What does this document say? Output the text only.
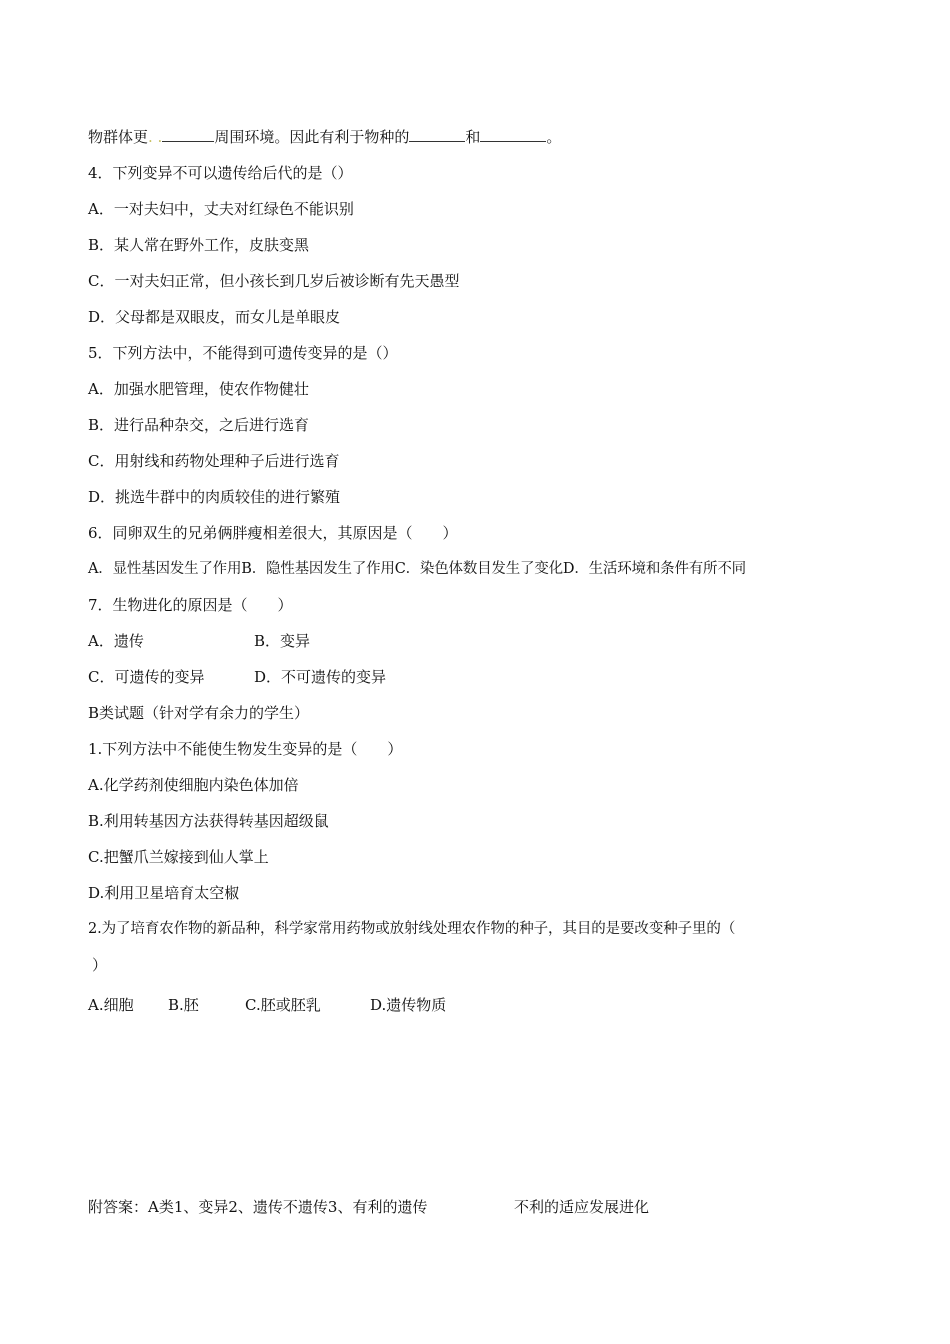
物群体更. .	周围环境。因此有利于物种的	和	。
4．下列变异不可以遗传给后代的是（）
A．一对夫妇中，丈夫对红绿色不能识别
B．某人常在野外工作，皮肤变黑
C．一对夫妇正常，但小孩长到几岁后被诊断有先天愚型
D．父母都是双眼皮，而女儿是单眼皮
5．下列方法中，不能得到可遗传变异的是（）
A．加强水肥管理，使农作物健壮
B．进行品种杂交，之后进行选育
C．用射线和药物处理种子后进行选育
D．挑选牛群中的肉质较佳的进行繁殖
6．同卵双生的兄弟俩胖瘦相差很大，其原因是（　　）
A．显性基因发生了作用B．隐性基因发生了作用C．染色体数目发生了变化D．生活环境和条件有所不同
7．生物进化的原因是（　　）
A．遗传	B．变异
C．可遗传的变异	D．不可遗传的变异
B类试题（针对学有余力的学生）
1.下列方法中不能使生物发生变异的是（　　）
A.化学药剂使细胞内染色体加倍
B.利用转基因方法获得转基因超级鼠
C.把蟹爪兰嫁接到仙人掌上
D.利用卫星培育太空椒
2.为了培育农作物的新品种，科学家常用药物或放射线处理农作物的种子，其目的是要改变种子里的（
）
A.细胞 B.胚	C.胚或胚乳	D.遗传物质
附答案：A类1、变异2、遗传不遗传3、有利的遗传	不利的适应发展进化
